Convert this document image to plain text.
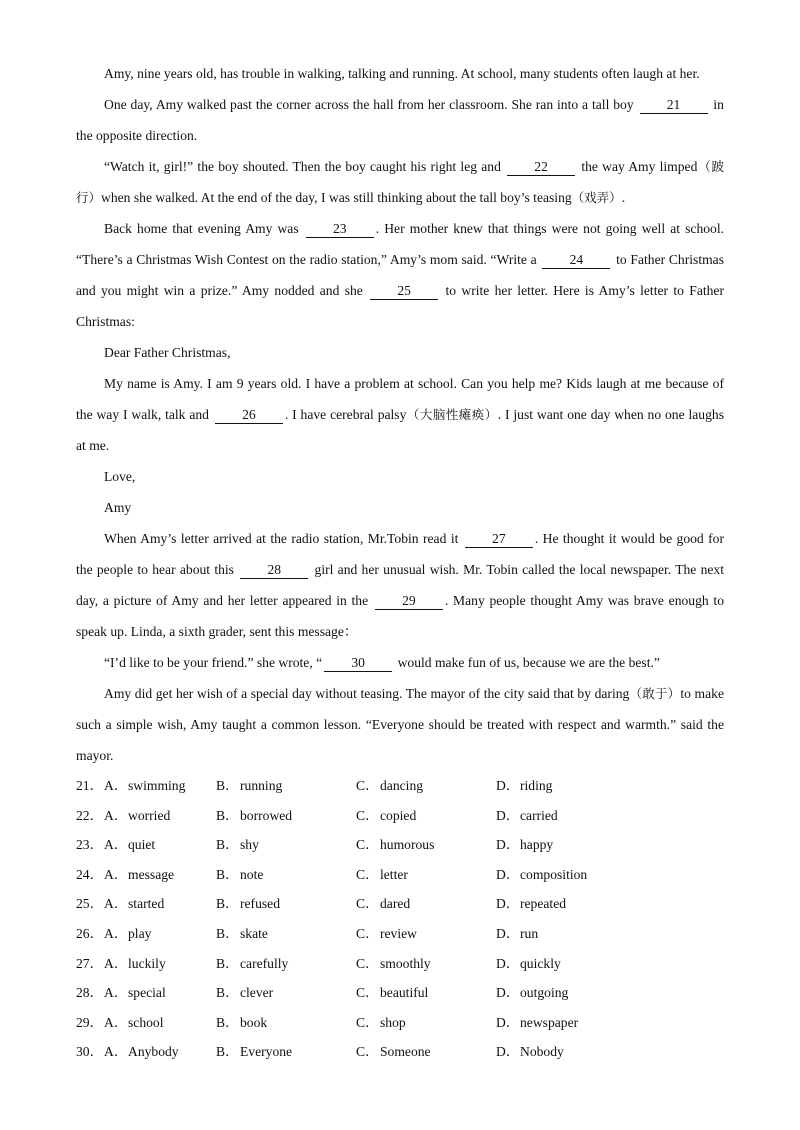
Amy, nine years old, has trouble in walking, talking and running. At school, many students often laugh at her.

One day, Amy walked past the corner across the hall from her classroom. She ran into a tall boy 21 in the opposite direction.

“Watch it, girl!” the boy shouted. Then the boy caught his right leg and 22 the way Amy limped（跛行）when she walked. At the end of the day, I was still thinking about the tall boy’s teasing（戏弄）.

Back home that evening Amy was	23 . Her mother knew that things were not going well at school. “There’s a Christmas Wish Contest on the radio station,” Amy’s mom said. “Write a 24 to Father Christmas and you might win a prize.” Amy nodded and she	25	to write her letter. Here is Amy’s letter to Father Christmas:

Dear Father Christmas,

My name is Amy. I am 9 years old. I have a problem at school. Can you help me? Kids laugh at me because of the way I walk, talk and 26 . I have cerebral palsy（大脑性瘫痪）. I just want one day when no one laughs at me.

Love,

Amy

When Amy’s letter arrived at the radio station, Mr.Tobin read it 27 . He thought it would be good for the people to hear about this 28 girl and her unusual wish. Mr. Tobin called the local newspaper. The next day, a picture of Amy and her letter appeared in the 29 . Many people thought Amy was brave enough to speak up. Linda, a sixth grader, sent this message：

“I’d like to be your friend.” she wrote, “ 30 would make fun of us, because we are the best.”

Amy did get her wish of a special day without teasing. The mayor of the city said that by daring（敢于）to make such a simple wish, Amy taught a common lesson. “Everyone should be treated with respect and warmth.” said the mayor.

21． A． swimming B． running	C． dancing	D． riding
22． A． worried	B． borrowed	C． copied	D． carried
23． A． quiet	B． shy	C． humorous	D． happy
24． A． message	B． note	C． letter	D． composition
25． A． started	B． refused	C． dared	D． repeated
26． A． play	B． skate	C． review	D． run
27． A． luckily	B． carefully	C． smoothly	D． quickly
28． A． special	B． clever	C． beautiful	D． outgoing
29． A． school	B． book	C． shop	D． newspaper
30． A． Anybody	B． Everyone	C． Someone	D． Nobody
